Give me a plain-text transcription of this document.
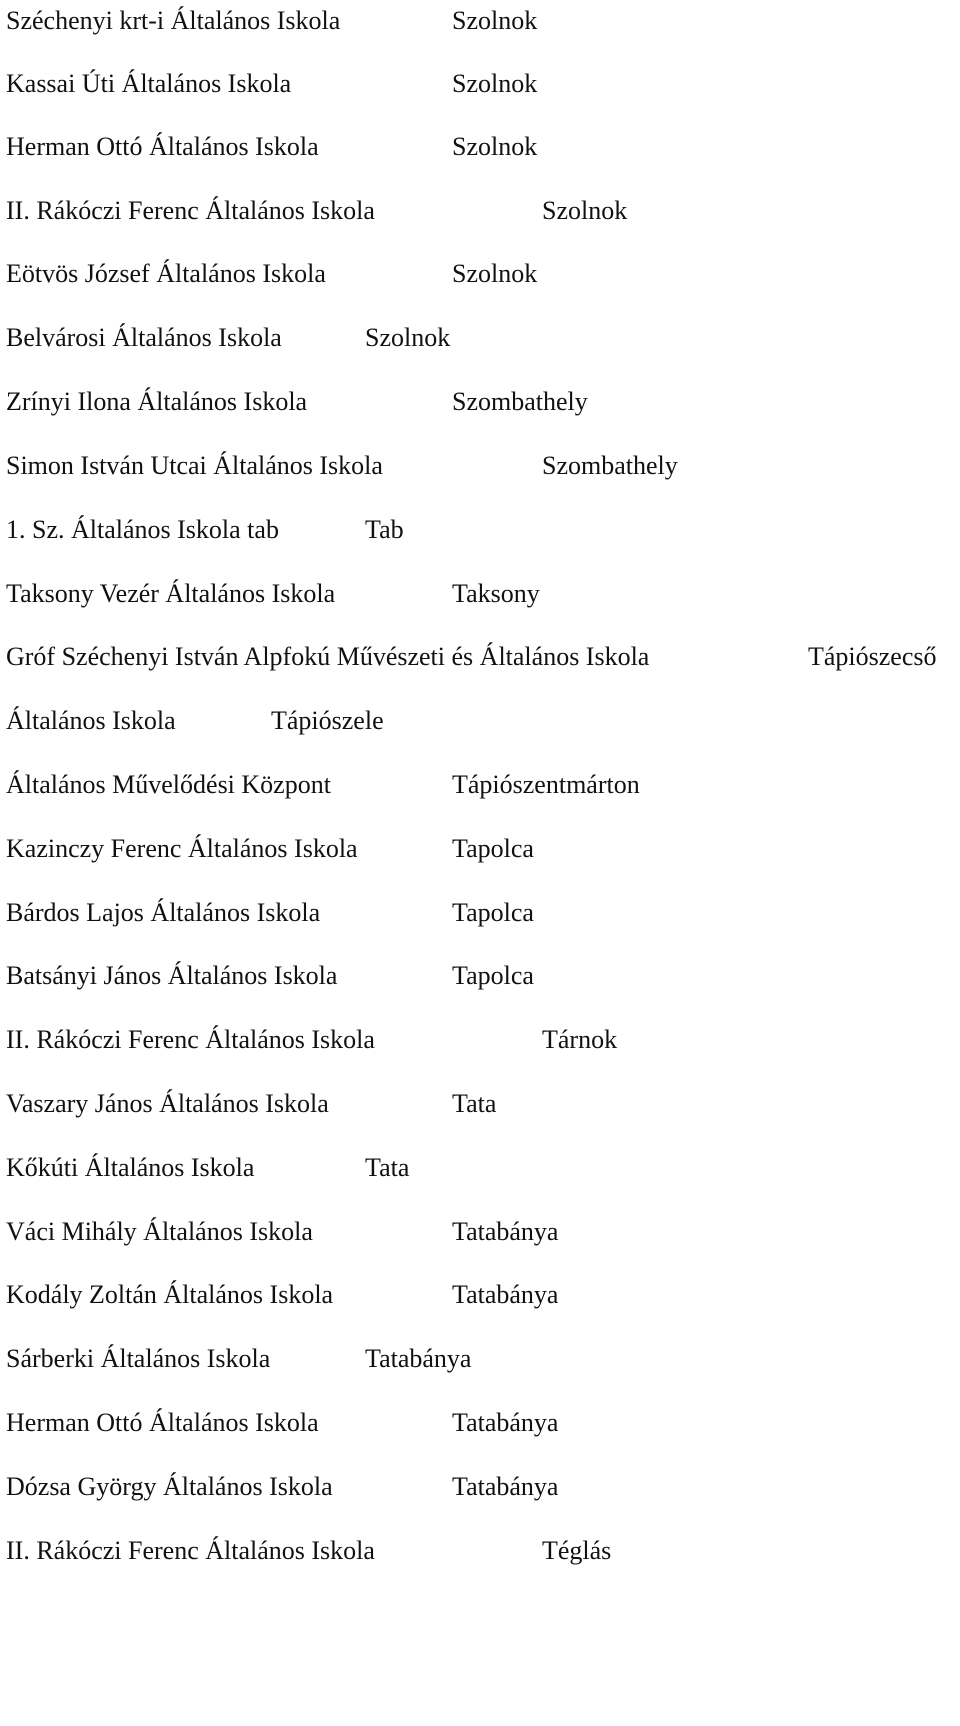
Széchenyi krt-i Általános Iskola	Szolnok
Kassai Úti Általános Iskola	Szolnok
Herman Ottó Általános Iskola	Szolnok
II. Rákóczi Ferenc Általános Iskola	Szolnok
Eötvös József Általános Iskola	Szolnok
Belvárosi Általános Iskola	Szolnok
Zrínyi Ilona Általános Iskola	Szombathely
Simon István Utcai Általános Iskola	Szombathely
1. Sz. Általános Iskola tab	Tab
Taksony Vezér Általános Iskola	Taksony
Gróf Széchenyi István Alpfokú Művészeti és Általános Iskola	Tápiószecső
Általános Iskola	Tápiószele
Általános Művelődési Központ	Tápiószentmárton
Kazinczy Ferenc Általános Iskola	Tapolca
Bárdos Lajos Általános Iskola	Tapolca
Batsányi János Általános Iskola	Tapolca
II. Rákóczi Ferenc Általános Iskola	Tárnok
Vaszary János Általános Iskola	Tata
Kőkúti Általános Iskola	Tata
Váci Mihály Általános Iskola	Tatabánya
Kodály Zoltán Általános Iskola	Tatabánya
Sárberki Általános Iskola	Tatabánya
Herman Ottó Általános Iskola	Tatabánya
Dózsa György Általános Iskola	Tatabánya
II. Rákóczi Ferenc Általános Iskola	Téglás
